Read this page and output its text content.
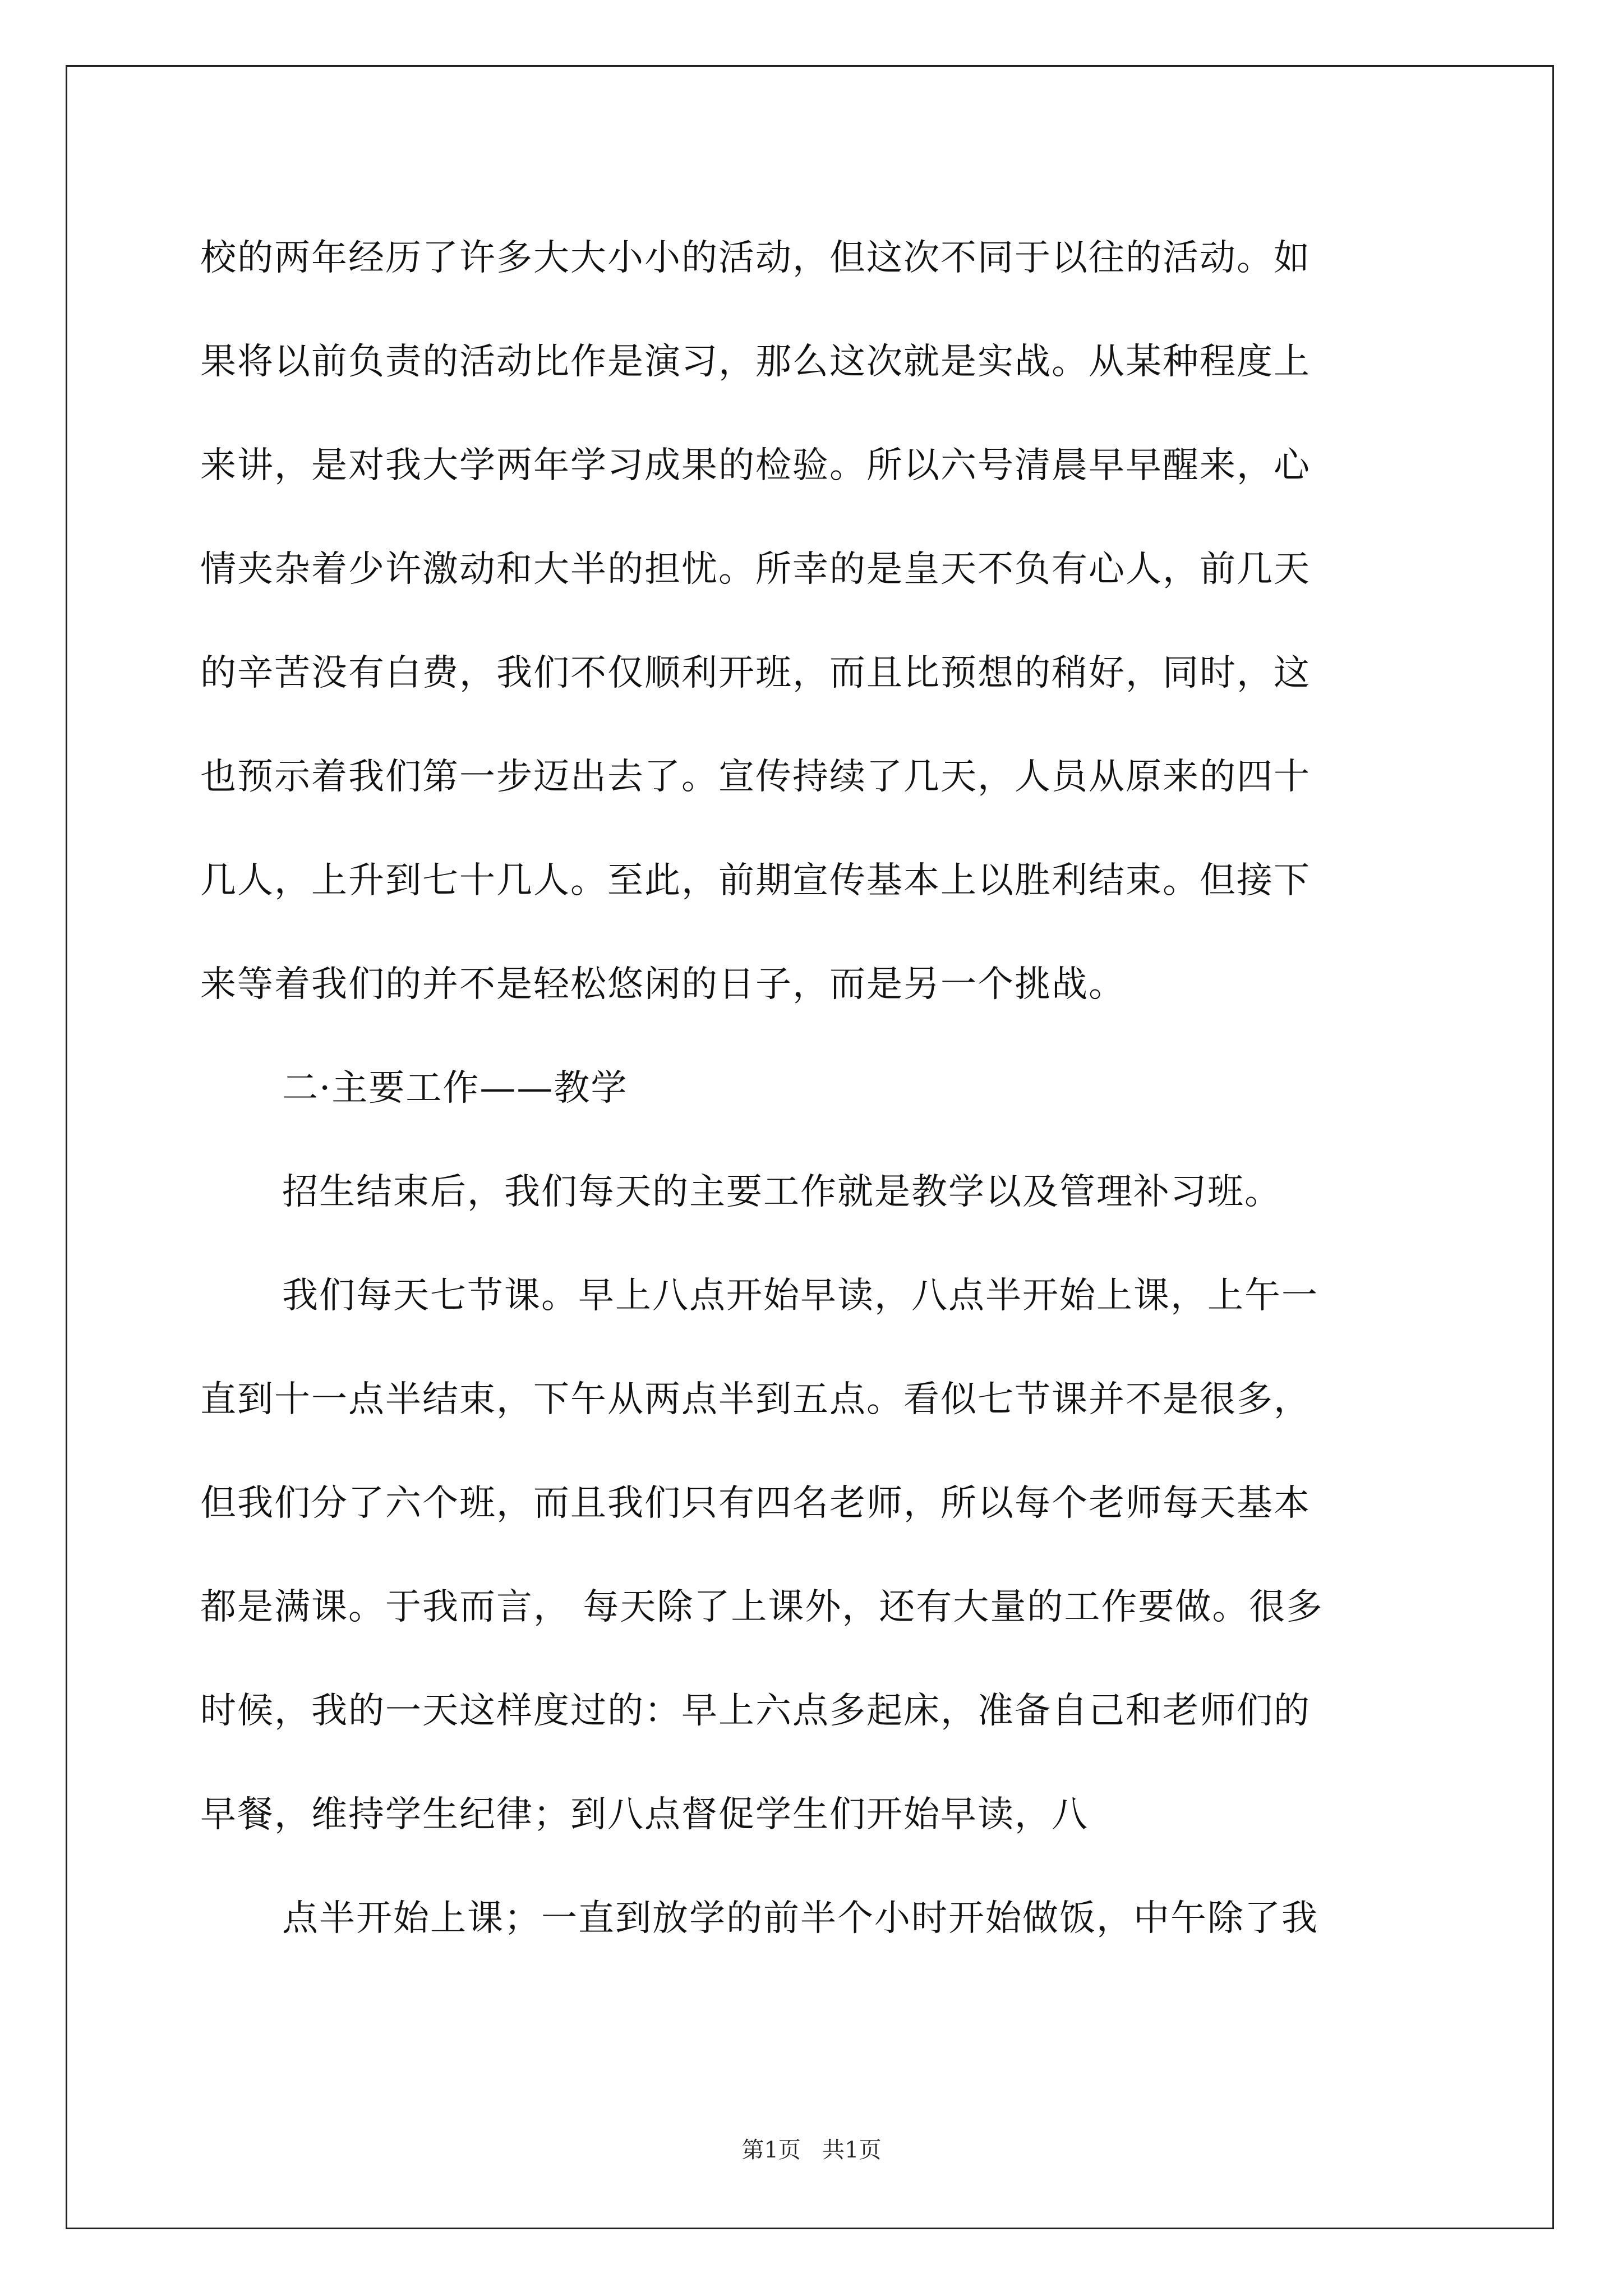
校的两年经历了许多大大小小的活动，但这次不同于以往的活动。如
果将以前负责的活动比作是演习，那么这次就是实战。从某种程度上
来讲，是对我大学两年学习成果的检验。所以六号清晨早早醒来，心
情夹杂着少许激动和大半的担忧。所幸的是皇天不负有心人，前几天
的辛苦没有白费，我们不仅顺利开班，而且比预想的稍好，同时，这
也预示着我们第一步迈出去了。宣传持续了几天，人员从原来的四十
几人，上升到七十几人。至此，前期宣传基本上以胜利结束。但接下
来等着我们的并不是轻松悠闲的日子，而是另一个挑战。
二·主要工作——教学
招生结束后，我们每天的主要工作就是教学以及管理补习班。
我们每天七节课。早上八点开始早读，八点半开始上课，上午一
直到十一点半结束，下午从两点半到五点。看似七节课并不是很多，
但我们分了六个班，而且我们只有四名老师，所以每个老师每天基本
都是满课。于我而言， 每天除了上课外，还有大量的工作要做。很多
时候，我的一天这样度过的：早上六点多起床，准备自己和老师们的
早餐，维持学生纪律；到八点督促学生们开始早读，八
点半开始上课；一直到放学的前半个小时开始做饭，中午除了我
第1页   共1页
